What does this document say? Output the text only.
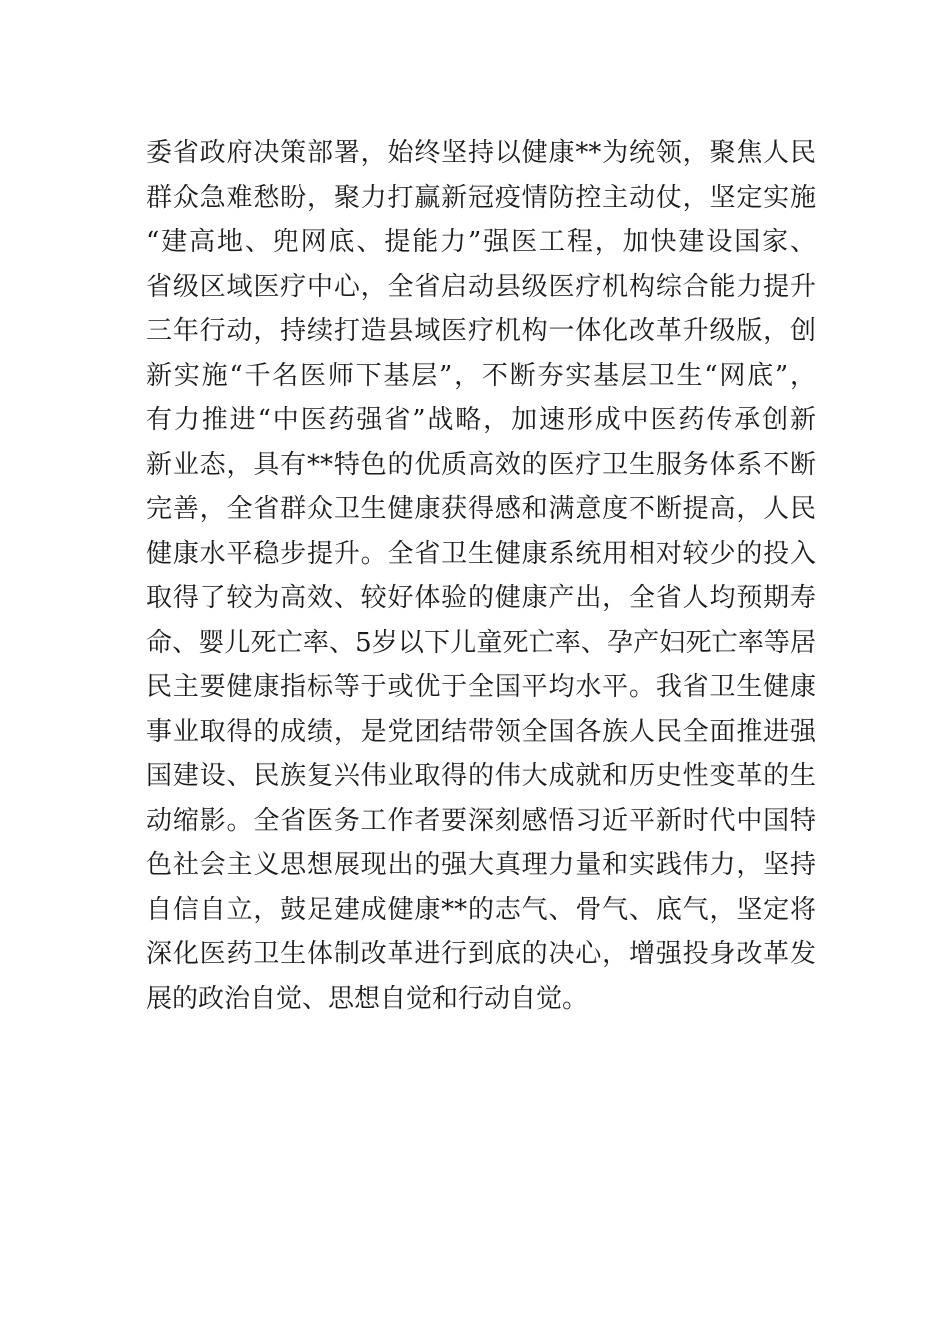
委省政府决策部署，始终坚持以健康**为统领，聚焦人民
群众急难愁盼，聚力打赢新冠疫情防控主动仗，坚定实施
“建高地、兜网底、提能力”强医工程，加快建设国家、
省级区域医疗中心，全省启动县级医疗机构综合能力提升
三年行动，持续打造县域医疗机构一体化改革升级版，创
新实施“千名医师下基层”，不断夯实基层卫生“网底”，
有力推进“中医药强省”战略，加速形成中医药传承创新
新业态，具有**特色的优质高效的医疗卫生服务体系不断
完善，全省群众卫生健康获得感和满意度不断提高，人民
健康水平稳步提升。全省卫生健康系统用相对较少的投入
取得了较为高效、较好体验的健康产出，全省人均预期寿
命、婴儿死亡率、5岁以下儿童死亡率、孕产妇死亡率等居
民主要健康指标等于或优于全国平均水平。我省卫生健康
事业取得的成绩，是党团结带领全国各族人民全面推进强
国建设、民族复兴伟业取得的伟大成就和历史性变革的生
动缩影。全省医务工作者要深刻感悟习近平新时代中国特
色社会主义思想展现出的强大真理力量和实践伟力，坚持
自信自立，鼓足建成健康**的志气、骨气、底气，坚定将
深化医药卫生体制改革进行到底的决心，增强投身改革发
展的政治自觉、思想自觉和行动自觉。
